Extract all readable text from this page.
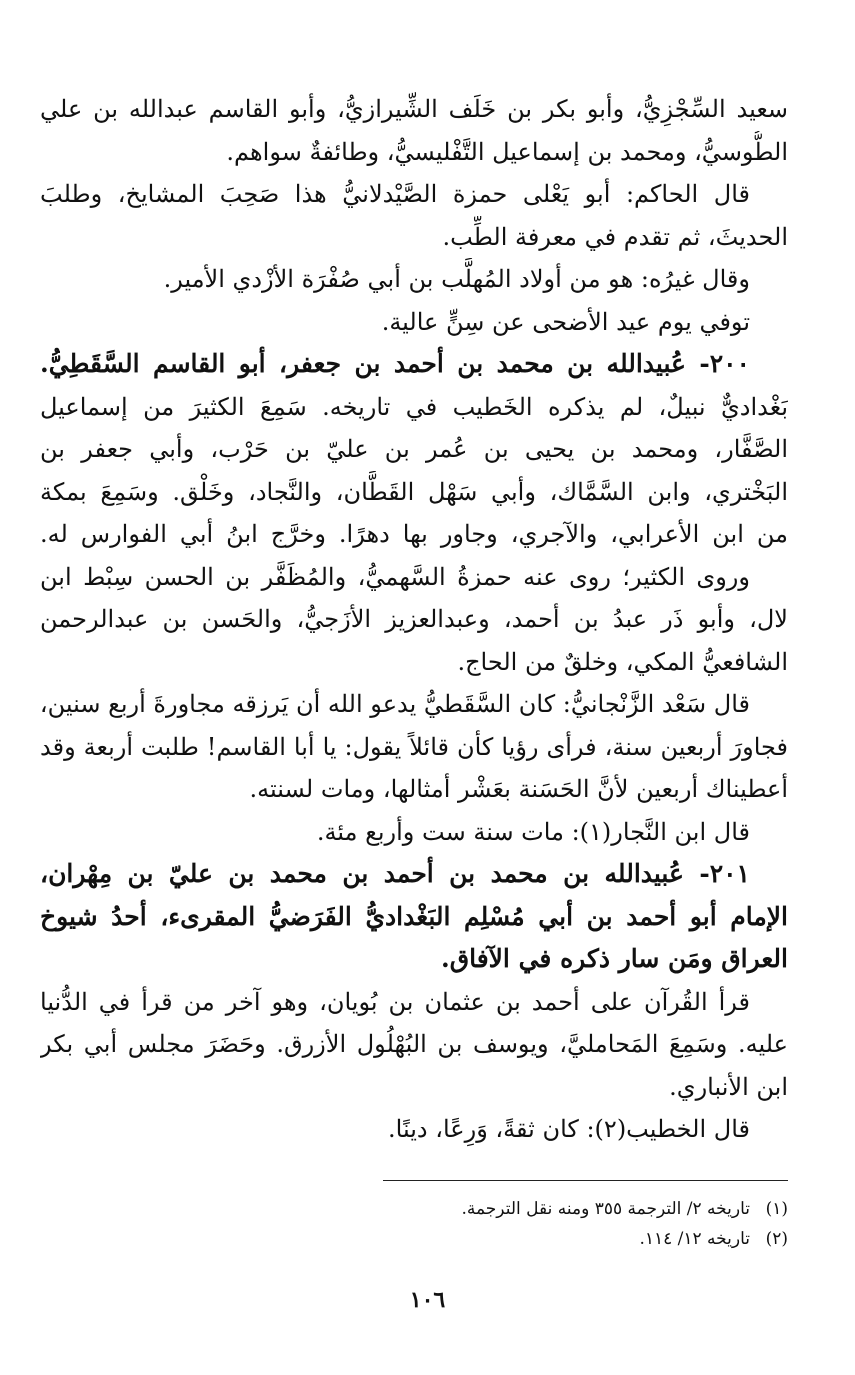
سعيد السِّجْزِيُّ، وأبو بكر بن خَلَف الشِّيرازيُّ، وأبو القاسم عبدالله بن علي
الطُّوسيُّ، ومحمد بن إسماعيل التَّفْليسيُّ، وطائفةٌ سواهم.
قال الحاكم: أبو يَعْلى حمزة الصَّيْدلانيُّ هذا صَحِبَ المشايخ، وطلبَ
الحديثَ، ثم تقدم في معرفة الطِّب.
وقال غيرُه: هو من أولاد المُهلَّب بن أبي صُفْرَة الأزْدي الأمير.
توفي يوم عيد الأضحى عن سِنٍّ عالية.
٢٠٠- عُبيدالله بن محمد بن أحمد بن جعفر، أبو القاسم السَّقَطِيُّ.
بَغْداديٌّ نبيلٌ، لم يذكره الخَطيب في تاريخه. سَمِعَ الكثيرَ من إسماعيل
الصَّفَّار، ومحمد بن يحيى بن عُمر بن عليّ بن حَرْب، وأبي جعفر بن
البَخْتري، وابن السَّمَّاك، وأبي سَهْل القَطَّان، والنَّجاد، وخَلْق. وسَمِعَ بمكة
من ابن الأعرابي، والآجري، وجاور بها دهرًا. وخرَّج ابنُ أبي الفوارس له.
وروى الكثير؛ روى عنه حمزةُ السَّهميُّ، والمُظَفَّر بن الحسن سِبْط ابن
لال، وأبو ذَر عبدُ بن أحمد، وعبدالعزيز الأزَجيُّ، والحَسن بن عبدالرحمن
الشافعيُّ المكي، وخلقٌ من الحاج.
قال سَعْد الزَّنْجانيُّ: كان السَّقَطيُّ يدعو الله أن يَرزقه مجاورةَ أربع سنين،
فجاورَ أربعين سنة، فرأى رؤيا كأن قائلاً يقول: يا أبا القاسم! طلبت أربعة وقد
أعطيناك أربعين لأنَّ الحَسَنة بعَشْر أمثالها، ومات لسنته.
قال ابن النَّجار(١): مات سنة ست وأربع مئة.
٢٠١- عُبيدالله بن محمد بن أحمد بن محمد بن عليّ بن مِهْران،
الإمام أبو أحمد بن أبي مُسْلِم البَغْداديُّ الفَرَضيُّ المقرىء، أحدُ شيوخ
العراق ومَن سار ذكره في الآفاق.
قرأ القُرآن على أحمد بن عثمان بن بُويان، وهو آخر من قرأ في الدُّنيا
عليه. وسَمِعَ المَحامليَّ، ويوسف بن البُهْلُول الأزرق. وحَضَرَ مجلس أبي بكر
ابن الأنباري.
قال الخطيب(٢): كان ثقةً، وَرِعًا، دينًا.
(١)تاريخه ٢/ الترجمة ٣٥٥ ومنه نقل الترجمة.
(٢)تاريخه ١٢/ ١١٤.
١٠٦
